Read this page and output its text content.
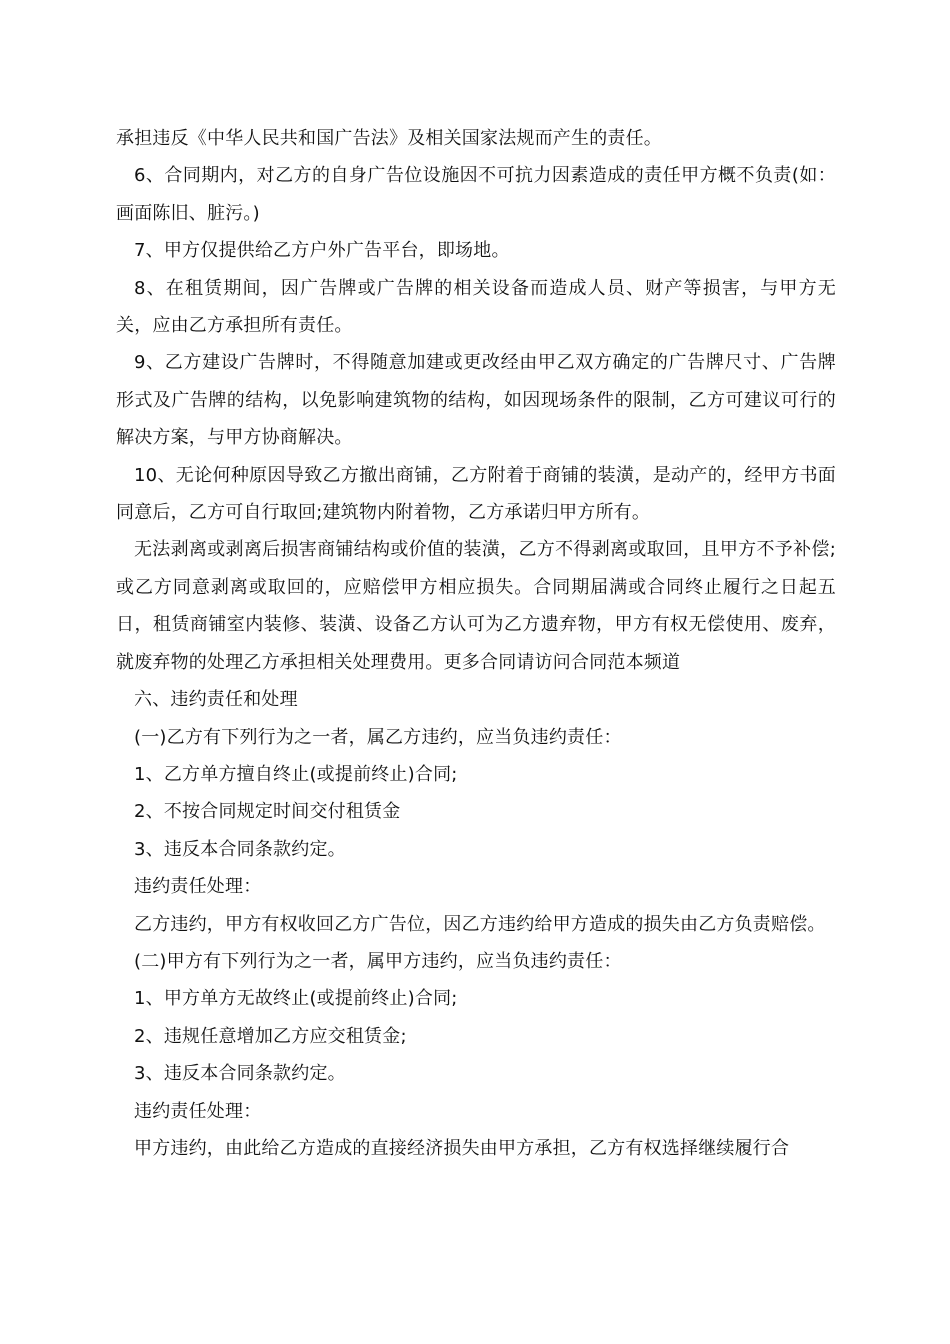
承担违反《中华人民共和国广告法》及相关国家法规而产生的责任。

6、合同期内，对乙方的自身广告位设施因不可抗力因素造成的责任甲方概不负责(如：画面陈旧、脏污。)

7、甲方仅提供给乙方户外广告平台，即场地。

8、在租赁期间，因广告牌或广告牌的相关设备而造成人员、财产等损害，与甲方无关，应由乙方承担所有责任。

9、乙方建设广告牌时，不得随意加建或更改经由甲乙双方确定的广告牌尺寸、广告牌形式及广告牌的结构，以免影响建筑物的结构，如因现场条件的限制，乙方可建议可行的解决方案，与甲方协商解决。

10、无论何种原因导致乙方撤出商铺，乙方附着于商铺的装潢，是动产的，经甲方书面同意后，乙方可自行取回;建筑物内附着物，乙方承诺归甲方所有。

无法剥离或剥离后损害商铺结构或价值的装潢，乙方不得剥离或取回，且甲方不予补偿;或乙方同意剥离或取回的，应赔偿甲方相应损失。合同期届满或合同终止履行之日起五日，租赁商铺室内装修、装潢、设备乙方认可为乙方遗弃物，甲方有权无偿使用、废弃，就废弃物的处理乙方承担相关处理费用。更多合同请访问合同范本频道

六、违约责任和处理

(一)乙方有下列行为之一者，属乙方违约，应当负违约责任：

1、乙方单方擅自终止(或提前终止)合同;

2、不按合同规定时间交付租赁金

3、违反本合同条款约定。

违约责任处理：

乙方违约，甲方有权收回乙方广告位，因乙方违约给甲方造成的损失由乙方负责赔偿。

(二)甲方有下列行为之一者，属甲方违约，应当负违约责任：

1、甲方单方无故终止(或提前终止)合同;

2、违规任意增加乙方应交租赁金;

3、违反本合同条款约定。

违约责任处理：

甲方违约，由此给乙方造成的直接经济损失由甲方承担，乙方有权选择继续履行合
